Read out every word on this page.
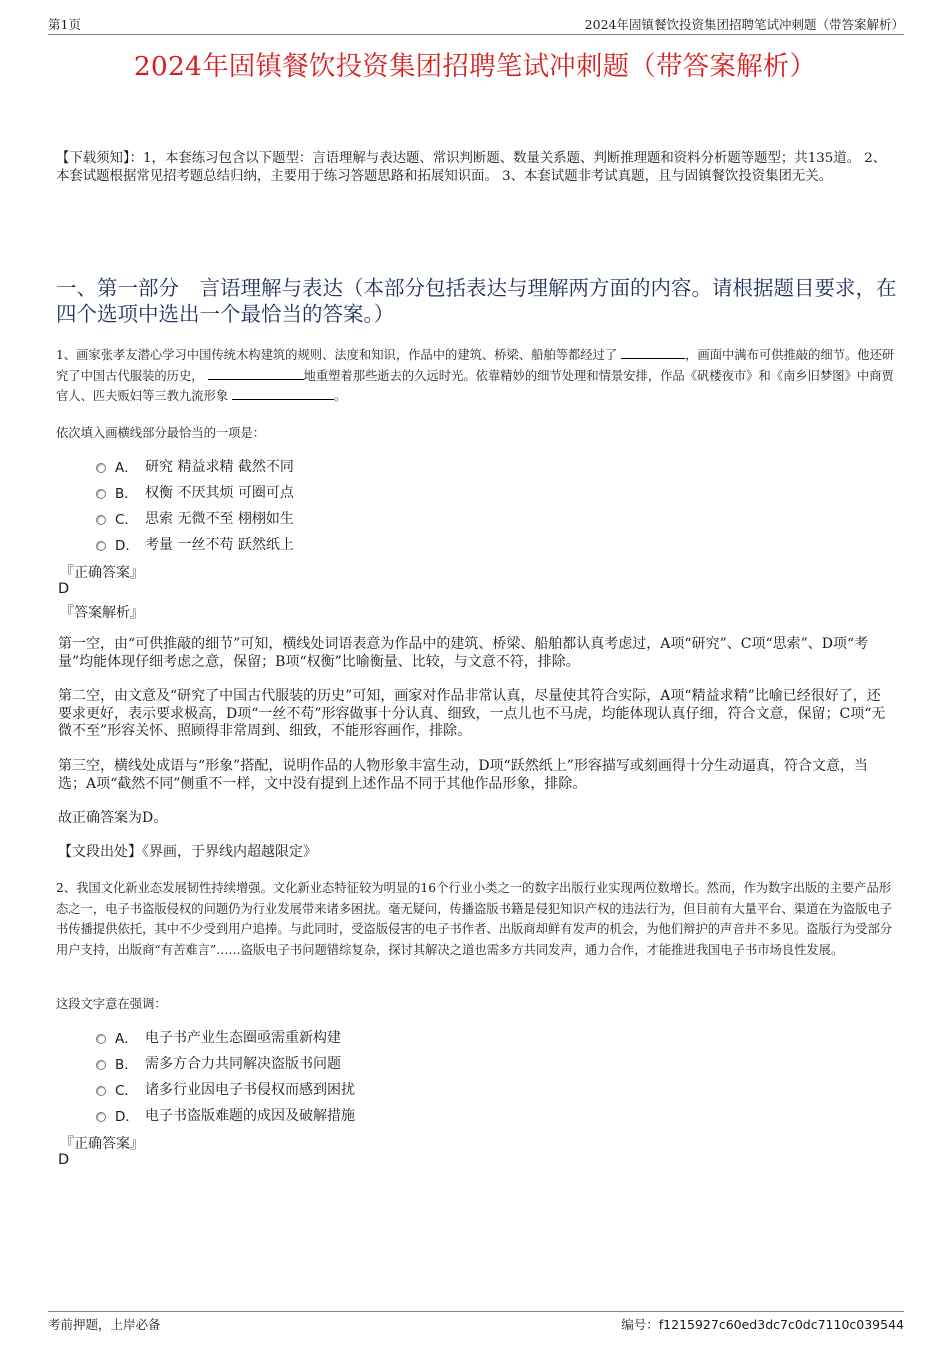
第1页	2024年固镇餐饮投资集团招聘笔试冲刺题（带答案解析）
2024年固镇餐饮投资集团招聘笔试冲刺题（带答案解析）
【下载须知】：1，本套练习包含以下题型：言语理解与表达题、常识判断题、数量关系题、判断推理题和资料分析题等题型；共135道。 2、本套试题根据常见招考题总结归纳，主要用于练习答题思路和拓展知识面。 3、本套试题非考试真题，且与固镇餐饮投资集团无关。
一、第一部分　言语理解与表达（本部分包括表达与理解两方面的内容。请根据题目要求，在四个选项中选出一个最恰当的答案。）
1、画家张孝友潜心学习中国传统木构建筑的规则、法度和知识，作品中的建筑、桥梁、船舶等都经过了	，画面中满布可供推敲的细节。他还研究了中国古代服装的历史，	地重塑着那些逝去的久远时光。依靠精妙的细节处理和情景安排，作品《矾楼夜市》和《南乡旧梦图》中商贾官人、匹夫贩妇等三教九流形象	。
依次填入画横线部分最恰当的一项是：
A． 研究 精益求精 截然不同
B． 权衡 不厌其烦 可圈可点
C． 思索 无微不至 栩栩如生
D． 考量 一丝不苟 跃然纸上
『正确答案』
D
『答案解析』
第一空，由“可供推敲的细节”可知，横线处词语表意为作品中的建筑、桥梁、船舶都认真考虑过，A项“研究”、C项“思索”、D项“考量”均能体现仔细考虑之意，保留；B项“权衡”比喻衡量、比较，与文意不符，排除。
第二空，由文意及“研究了中国古代服装的历史”可知，画家对作品非常认真，尽量使其符合实际，A项“精益求精”比喻已经很好了，还要求更好，表示要求极高，D项“一丝不苟”形容做事十分认真、细致，一点儿也不马虎，均能体现认真仔细，符合文意，保留；C项“无微不至”形容关怀、照顾得非常周到、细致，不能形容画作，排除。
第三空，横线处成语与“形象”搭配，说明作品的人物形象丰富生动，D项“跃然纸上”形容描写或刻画得十分生动逼真，符合文意，当选；A项“截然不同”侧重不一样，文中没有提到上述作品不同于其他作品形象，排除。
故正确答案为D。
【文段出处】《界画，于界线内超越限定》
2、我国文化新业态发展韧性持续增强。文化新业态特征较为明显的16个行业小类之一的数字出版行业实现两位数增长。然而，作为数字出版的主要产品形态之一，电子书盗版侵权的问题仍为行业发展带来诸多困扰。毫无疑问，传播盗版书籍是侵犯知识产权的违法行为，但目前有大量平台、渠道在为盗版电子书传播提供依托，其中不少受到用户追捧。与此同时，受盗版侵害的电子书作者、出版商却鲜有发声的机会，为他们辩护的声音并不多见。盗版行为受部分用户支持，出版商“有苦难言”……盗版电子书问题错综复杂，探讨其解决之道也需多方共同发声，通力合作，才能推进我国电子书市场良性发展。
这段文字意在强调：
A． 电子书产业生态圈亟需重新构建
B． 需多方合力共同解决盗版书问题
C． 诸多行业因电子书侵权而感到困扰
D． 电子书盗版难题的成因及破解措施
『正确答案』
D
考前押题，上岸必备	编号：f1215927c60ed3dc7c0dc7110c039544
